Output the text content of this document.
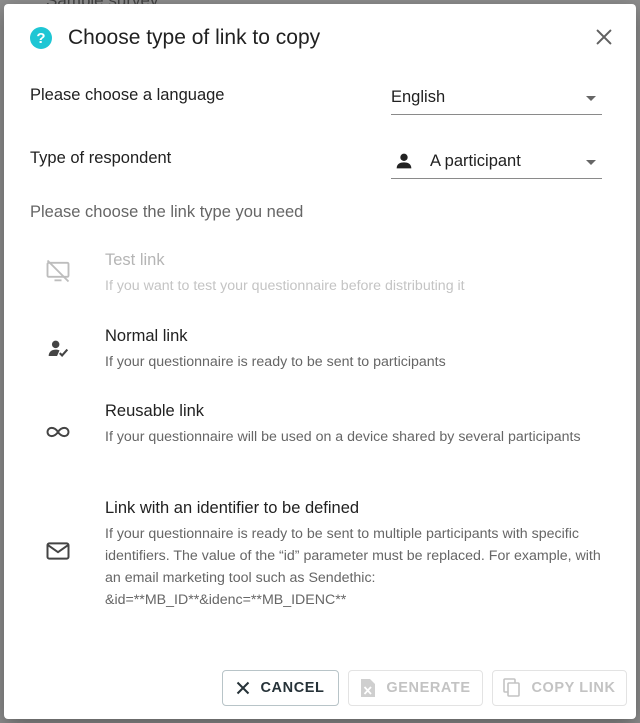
?	Choose type of link to copy
Please choose a language	English
Type of respondent	A participant
Please choose the link type you need
Test link
If you want to test your questionnaire before distributing it
Normal link
If your questionnaire is ready to be sent to participants
Reusable link
If your questionnaire will be used on a device shared by several participants
Link with an identifier to be defined
If your questionnaire is ready to be sent to multiple participants with specific identifiers. The value of the “id” parameter must be replaced. For example, with an email marketing tool such as Sendethic: &id=**MB_ID**&idenc=**MB_IDENC**
CANCEL	GENERATE	COPY LINK
